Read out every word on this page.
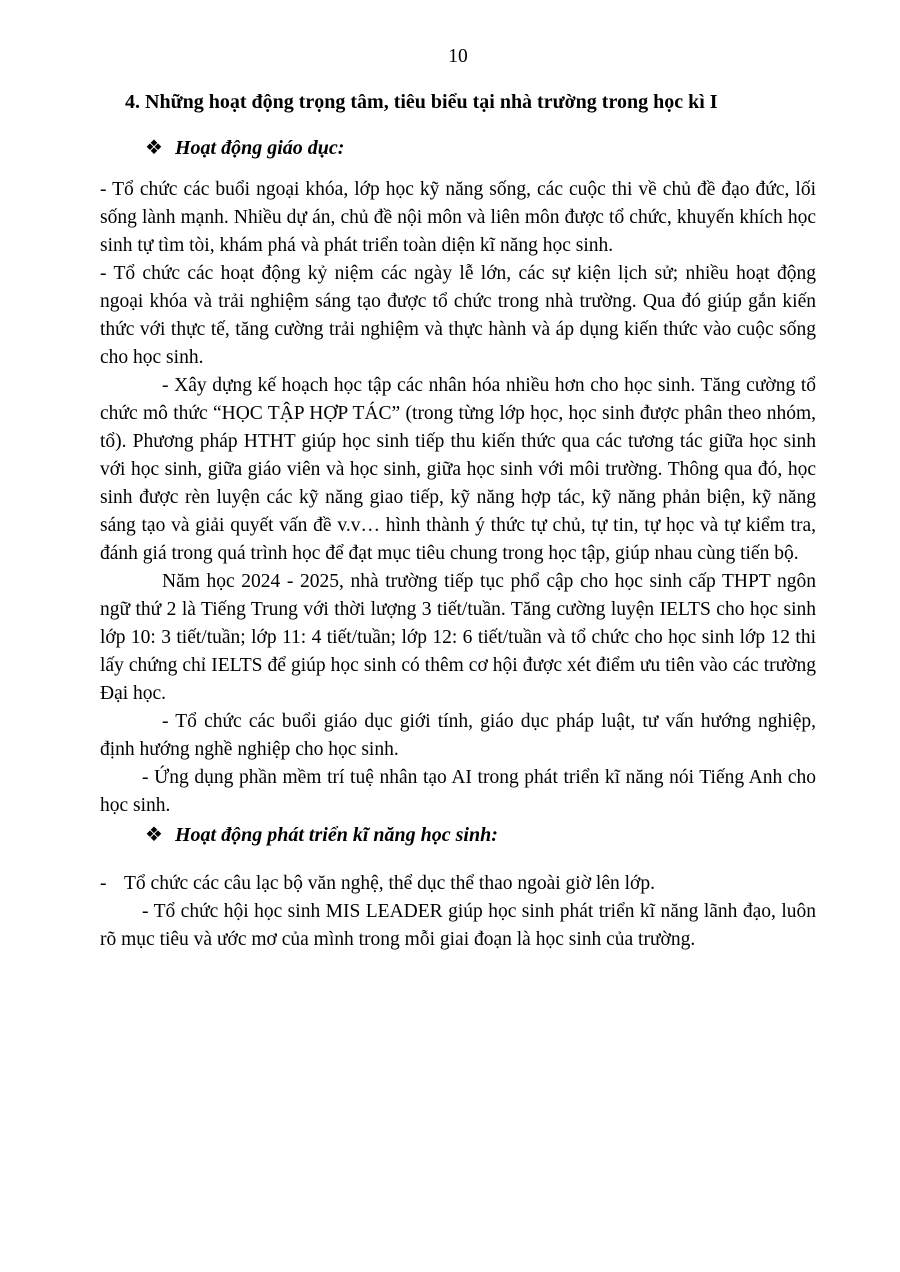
10
4. Những hoạt động trọng tâm, tiêu biểu tại nhà trường trong học kì I
❖ Hoạt động giáo dục:

- Tổ chức các buổi ngoại khóa, lớp học kỹ năng sống, các cuộc thi về chủ đề đạo đức, lối sống lành mạnh. Nhiều dự án, chủ đề nội môn và liên môn được tổ chức, khuyến khích học sinh tự tìm tòi, khám phá và phát triển toàn diện kĩ năng học sinh.

- Tổ chức các hoạt động kỷ niệm các ngày lễ lớn, các sự kiện lịch sử; nhiều hoạt động ngoại khóa và trải nghiệm sáng tạo được tổ chức trong nhà trường. Qua đó giúp gắn kiến thức với thực tế, tăng cường trải nghiệm và thực hành và áp dụng kiến thức vào cuộc sống cho học sinh.

- Xây dựng kế hoạch học tập các nhân hóa nhiều hơn cho học sinh. Tăng cường tổ chức mô thức “HỌC TẬP HỢP TÁC” (trong từng lớp học, học sinh được phân theo nhóm, tổ). Phương pháp HTHT giúp học sinh tiếp thu kiến thức qua các tương tác giữa học sinh với học sinh, giữa giáo viên và học sinh, giữa học sinh với môi trường. Thông qua đó, học sinh được rèn luyện các kỹ năng giao tiếp, kỹ năng hợp tác, kỹ năng phản biện, kỹ năng sáng tạo và giải quyết vấn đề v.v… hình thành ý thức tự chủ, tự tin, tự học và tự kiểm tra, đánh giá trong quá trình học để đạt mục tiêu chung trong học tập, giúp nhau cùng tiến bộ.

Năm học 2024 - 2025, nhà trường tiếp tục phổ cập cho học sinh cấp THPT ngôn ngữ thứ 2 là Tiếng Trung với thời lượng 3 tiết/tuần. Tăng cường luyện IELTS cho học sinh lớp 10: 3 tiết/tuần; lớp 11: 4 tiết/tuần; lớp 12: 6 tiết/tuần và tổ chức cho học sinh lớp 12 thi lấy chứng chỉ IELTS để giúp học sinh có thêm cơ hội được xét điểm ưu tiên vào các trường Đại học.

- Tổ chức các buổi giáo dục giới tính, giáo dục pháp luật, tư vấn hướng nghiệp, định hướng nghề nghiệp cho học sinh.

- Ứng dụng phần mềm trí tuệ nhân tạo AI trong phát triển kĩ năng nói Tiếng Anh cho học sinh.

❖ Hoạt động phát triển kĩ năng học sinh:

- Tổ chức các câu lạc bộ văn nghệ, thể dục thể thao ngoài giờ lên lớp.

- Tổ chức hội học sinh MIS LEADER giúp học sinh phát triển kĩ năng lãnh đạo, luôn rõ mục tiêu và ước mơ của mình trong mỗi giai đoạn là học sinh của trường.
